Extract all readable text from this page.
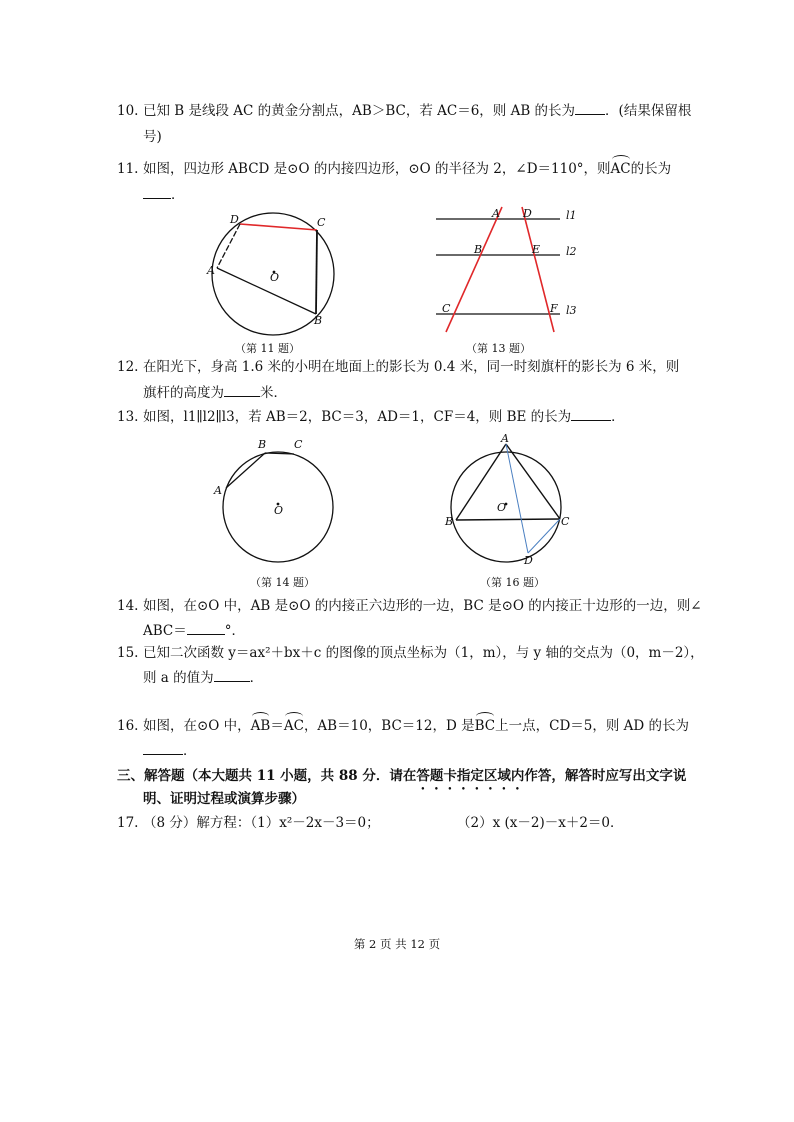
10. 已知 B 是线段 AC 的黄金分割点，AB＞BC，若 AC＝6，则 AB 的长为 ．(结果保留根
号)
11. 如图，四边形 ABCD 是⊙O 的内接四边形，⊙O 的半径为 2，∠D＝110°，则
AC的长为
．
D	C
A
O
B
（第 11 题）
A D	l1
B	E l2
C	F l3
（第 13 题）
12. 在阳光下，身高 1.6 米的小明在地面上的影长为 0.4 米，同一时刻旗杆的影长为 6 米，则
旗杆的高度为	米．
13. 如图，l1∥l2∥l3，若 AB＝2，BC＝3，AD＝1，CF＝4，则 BE 的长为	．
B	C
A
O
（第 14 题）
A
O
B	C
D
（第 16 题）
14. 如图，在⊙O 中，AB 是⊙O 的内接正六边形的一边，BC 是⊙O 的内接正十边形的一边，则∠
ABC＝	°．
15. 已知二次函数 y＝ax²＋bx＋c 的图像的顶点坐标为（1，m），与 y 轴的交点为（0，m－2），
则 a 的值为	．
16. 如图，在⊙O 中，
AB＝
AC，AB＝10，BC＝12，D 是
BC上一点，CD＝5，则 AD 的长为
．
三、解答题（本大题共 11 小题，共 88 分．请在答题卡指定区域内作答，解答时应写出文字说
明、证明过程或演算步骤）
17. （8 分）解方程：（1）x²－2x－3＝0；	（2）x (x－2)－x＋2＝0．
第 2 页 共 12 页
